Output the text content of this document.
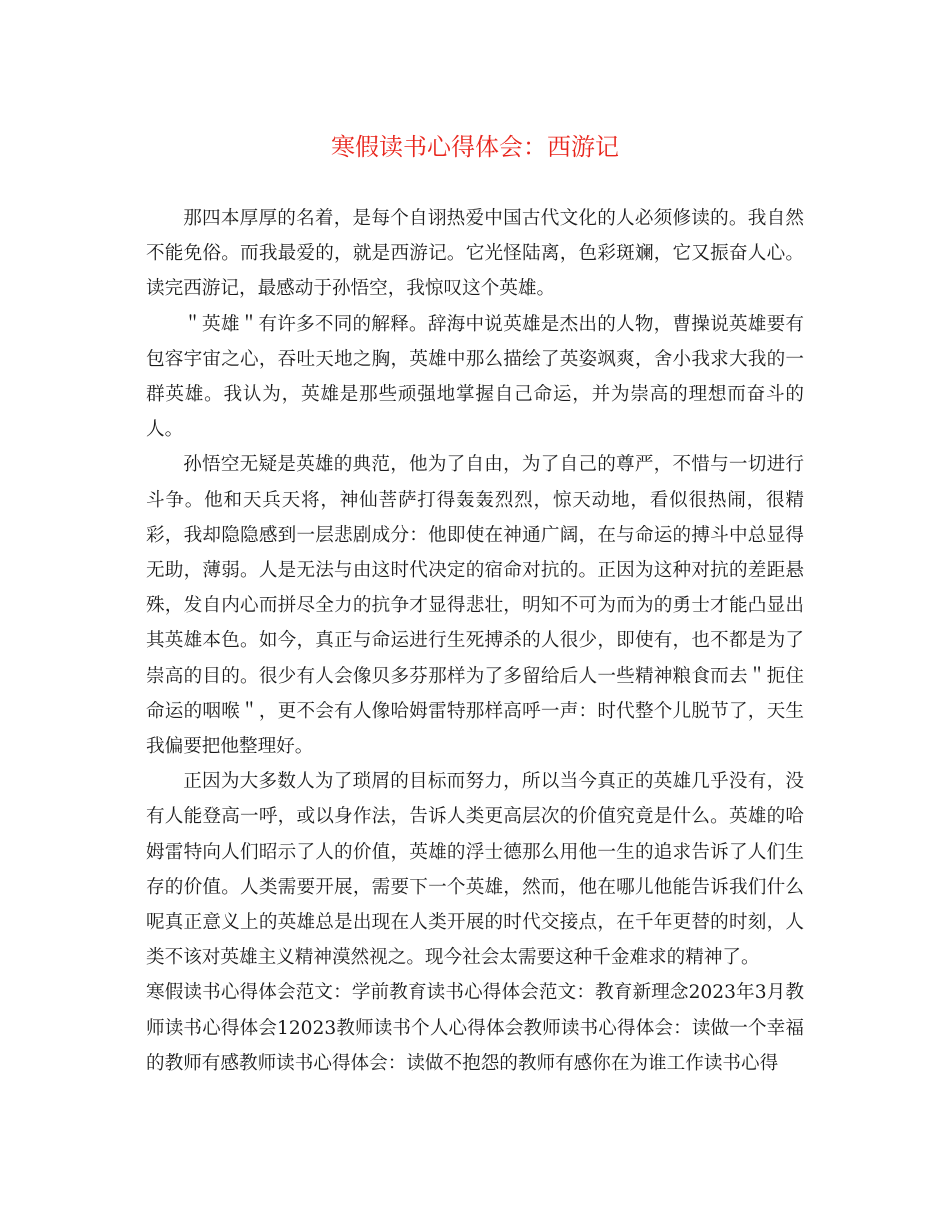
寒假读书心得体会：西游记

那四本厚厚的名着，是每个自诩热爱中国古代文化的人必须修读的。我自然不能免俗。而我最爱的，就是西游记。它光怪陆离，色彩斑斓，它又振奋人心。读完西游记，最感动于孙悟空，我惊叹这个英雄。

＂英雄＂有许多不同的解释。辞海中说英雄是杰出的人物，曹操说英雄要有包容宇宙之心，吞吐天地之胸，英雄中那么描绘了英姿飒爽，舍小我求大我的一群英雄。我认为，英雄是那些顽强地掌握自己命运，并为崇高的理想而奋斗的人。

孙悟空无疑是英雄的典范，他为了自由，为了自己的尊严，不惜与一切进行斗争。他和天兵天将，神仙菩萨打得轰轰烈烈，惊天动地，看似很热闹，很精彩，我却隐隐感到一层悲剧成分：他即使在神通广阔，在与命运的搏斗中总显得无助，薄弱。人是无法与由这时代决定的宿命对抗的。正因为这种对抗的差距悬殊，发自内心而拼尽全力的抗争才显得悲壮，明知不可为而为的勇士才能凸显出其英雄本色。如今，真正与命运进行生死搏杀的人很少，即使有，也不都是为了崇高的目的。很少有人会像贝多芬那样为了多留给后人一些精神粮食而去＂扼住命运的咽喉＂，更不会有人像哈姆雷特那样高呼一声：时代整个儿脱节了，天生我偏要把他整理好。

正因为大多数人为了琐屑的目标而努力，所以当今真正的英雄几乎没有，没有人能登高一呼，或以身作法，告诉人类更高层次的价值究竟是什么。英雄的哈姆雷特向人们昭示了人的价值，英雄的浮士德那么用他一生的追求告诉了人们生存的价值。人类需要开展，需要下一个英雄，然而，他在哪儿他能告诉我们什么呢真正意义上的英雄总是出现在人类开展的时代交接点，在千年更替的时刻，人类不该对英雄主义精神漠然视之。现今社会太需要这种千金难求的精神了。

寒假读书心得体会范文：学前教育读书心得体会范文：教育新理念2023年3月教师读书心得体会12023教师读书个人心得体会教师读书心得体会：读做一个幸福的教师有感教师读书心得体会：读做不抱怨的教师有感你在为谁工作读书心得
